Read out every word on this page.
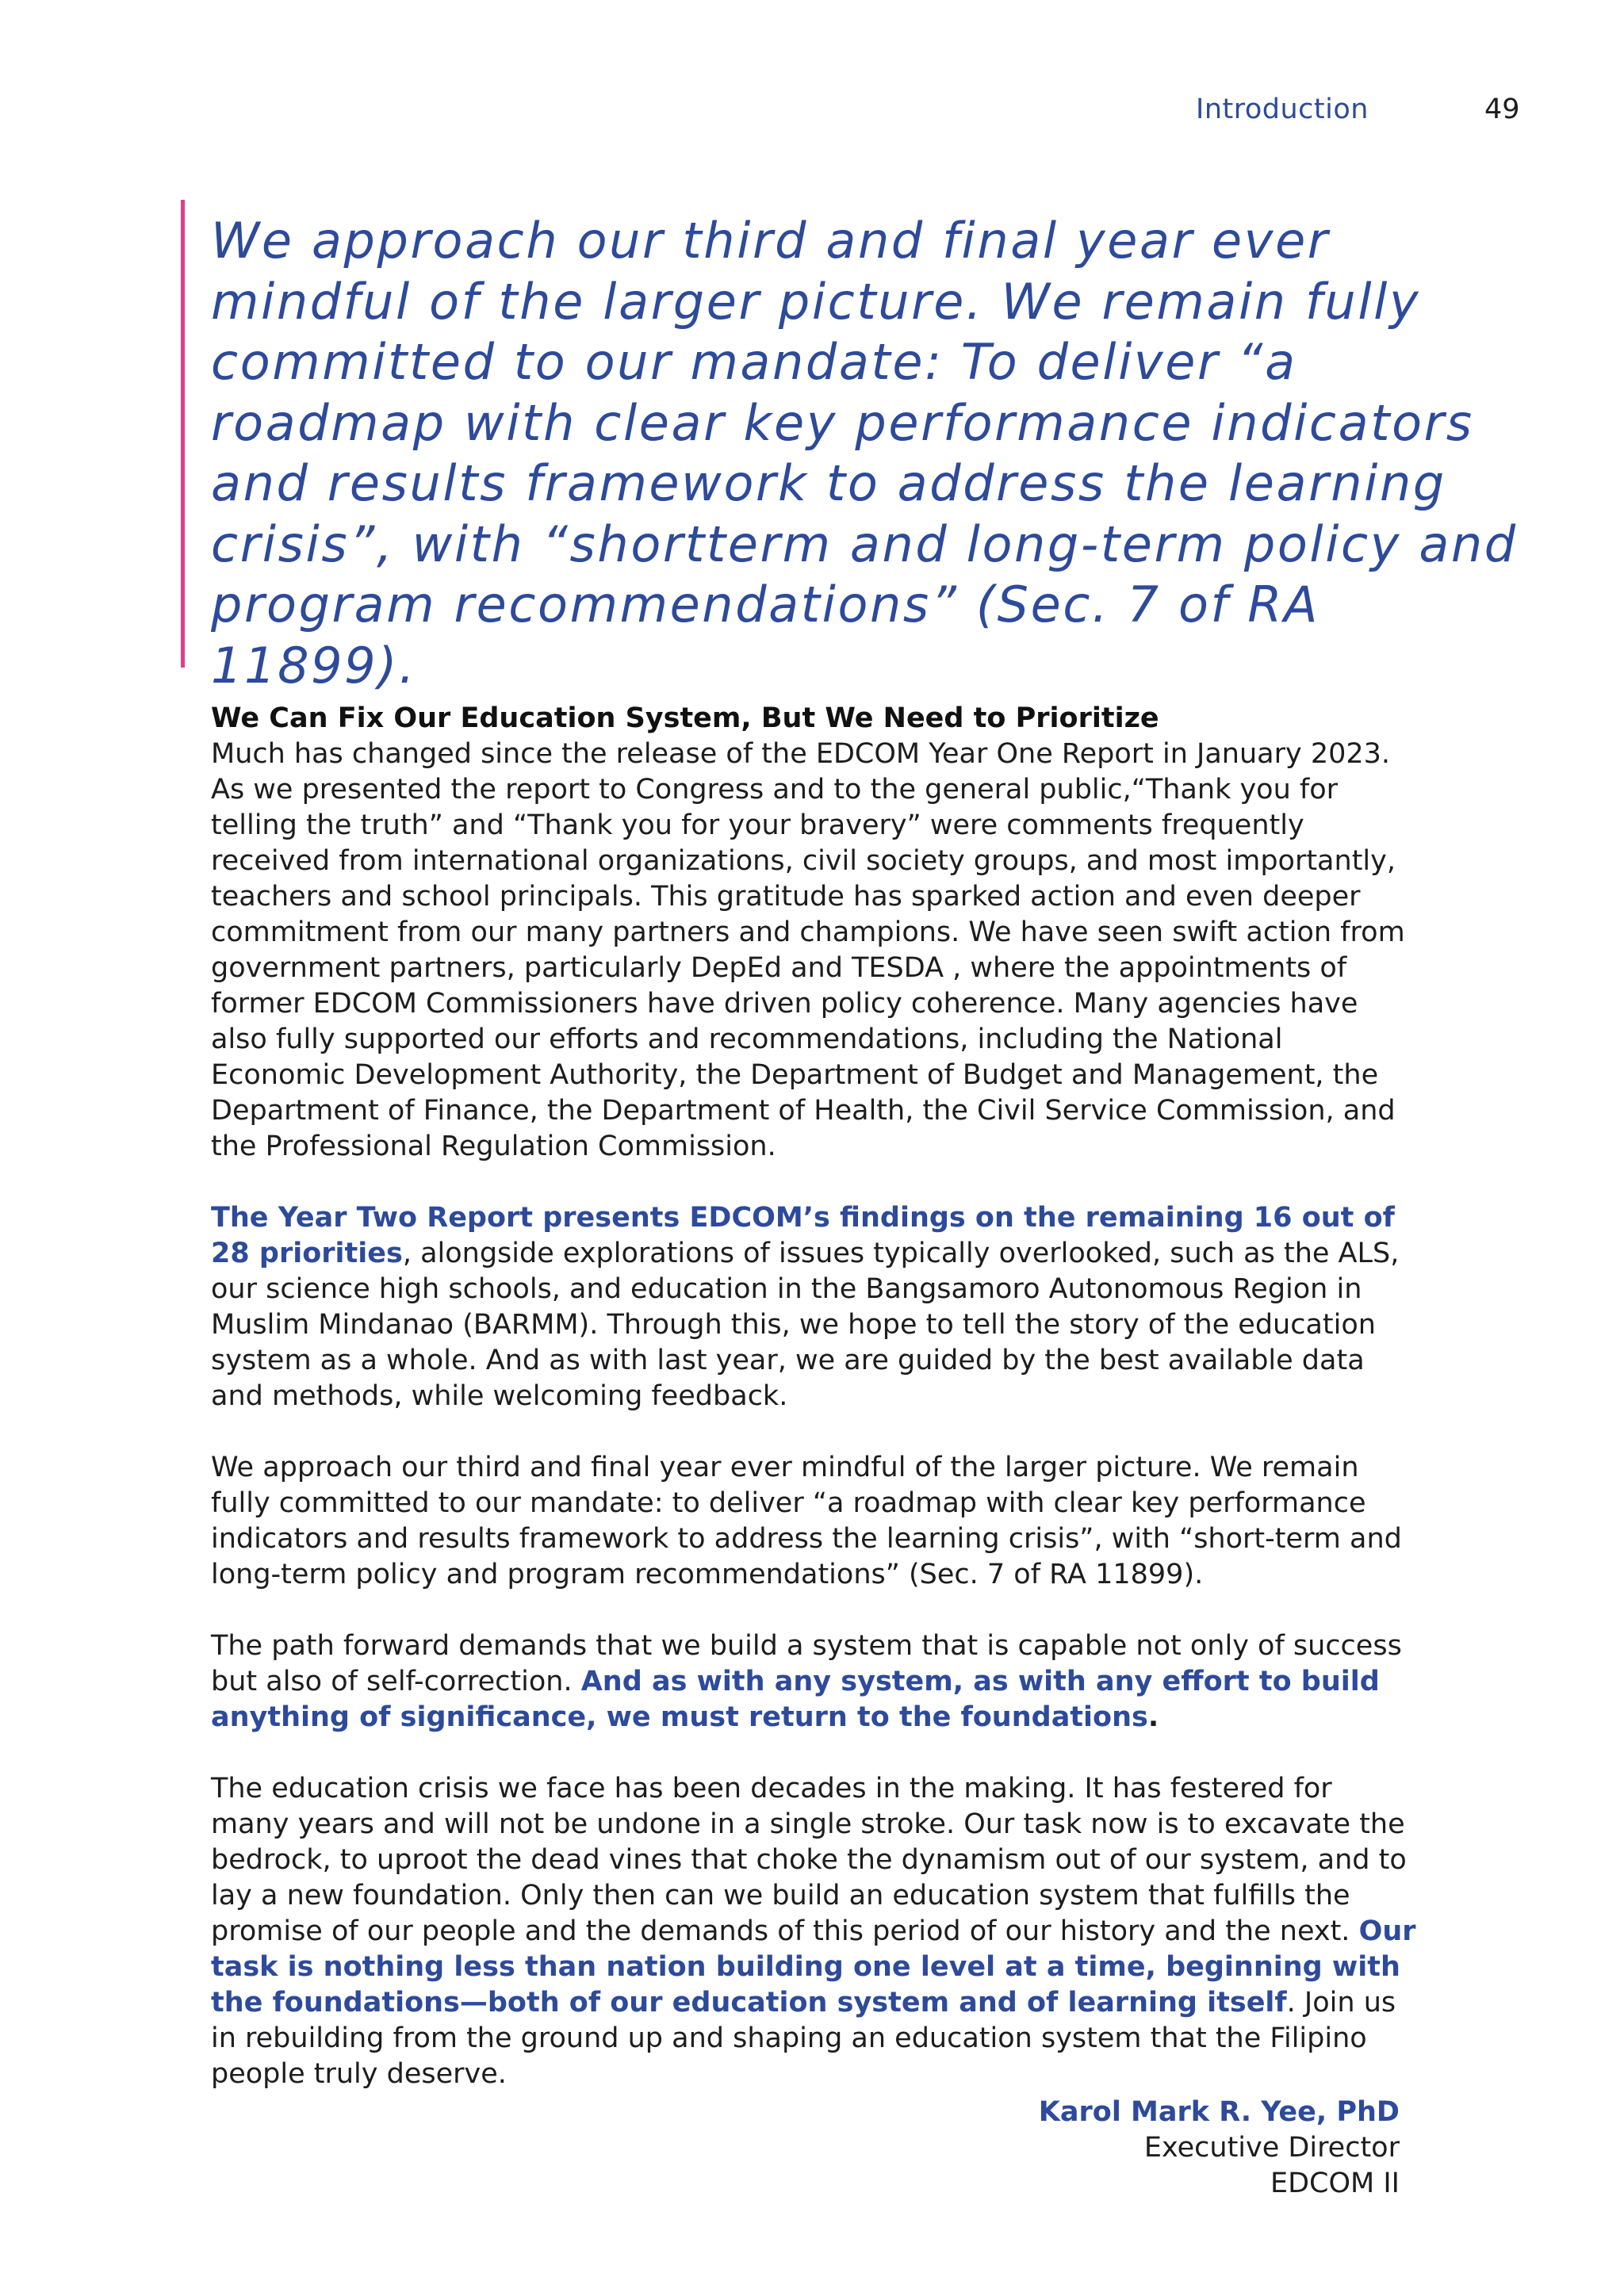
Introduction	49
We approach our third and final year ever mindful of the larger picture. We remain fully committed to our mandate: To deliver “a roadmap with clear key performance indicators and results framework to address the learning crisis”, with “shortterm and long-term policy and program recommendations” (Sec. 7 of RA 11899).
We Can Fix Our Education System, But We Need to Prioritize

Much has changed since the release of the EDCOM Year One Report in January 2023. As we presented the report to Congress and to the general public,“Thank you for telling the truth” and “Thank you for your bravery” were comments frequently received from international organizations, civil society groups, and most importantly, teachers and school principals. This gratitude has sparked action and even deeper commitment from our many partners and champions. We have seen swift action from government partners, particularly DepEd and TESDA , where the appointments of former EDCOM Commissioners have driven policy coherence. Many agencies have also fully supported our efforts and recommendations, including the National Economic Development Authority, the Department of Budget and Management, the Department of Finance, the Department of Health, the Civil Service Commission, and the Professional Regulation Commission.

The Year Two Report presents EDCOM’s findings on the remaining 16 out of 28 priorities, alongside explorations of issues typically overlooked, such as the ALS, our science high schools, and education in the Bangsamoro Autonomous Region in Muslim Mindanao (BARMM). Through this, we hope to tell the story of the education system as a whole. And as with last year, we are guided by the best available data and methods, while welcoming feedback.

We approach our third and final year ever mindful of the larger picture. We remain fully committed to our mandate: to deliver “a roadmap with clear key performance indicators and results framework to address the learning crisis”, with “short-term and long-term policy and program recommendations” (Sec. 7 of RA 11899).

The path forward demands that we build a system that is capable not only of success but also of self-correction. And as with any system, as with any effort to build anything of significance, we must return to the foundations.

The education crisis we face has been decades in the making. It has festered for many years and will not be undone in a single stroke. Our task now is to excavate the bedrock, to uproot the dead vines that choke the dynamism out of our system, and to lay a new foundation. Only then can we build an education system that fulfills the promise of our people and the demands of this period of our history and the next. Our task is nothing less than nation building one level at a time, beginning with the foundations—both of our education system and of learning itself. Join us in rebuilding from the ground up and shaping an education system that the Filipino people truly deserve.

Karol Mark R. Yee, PhD
Executive Director
EDCOM II
